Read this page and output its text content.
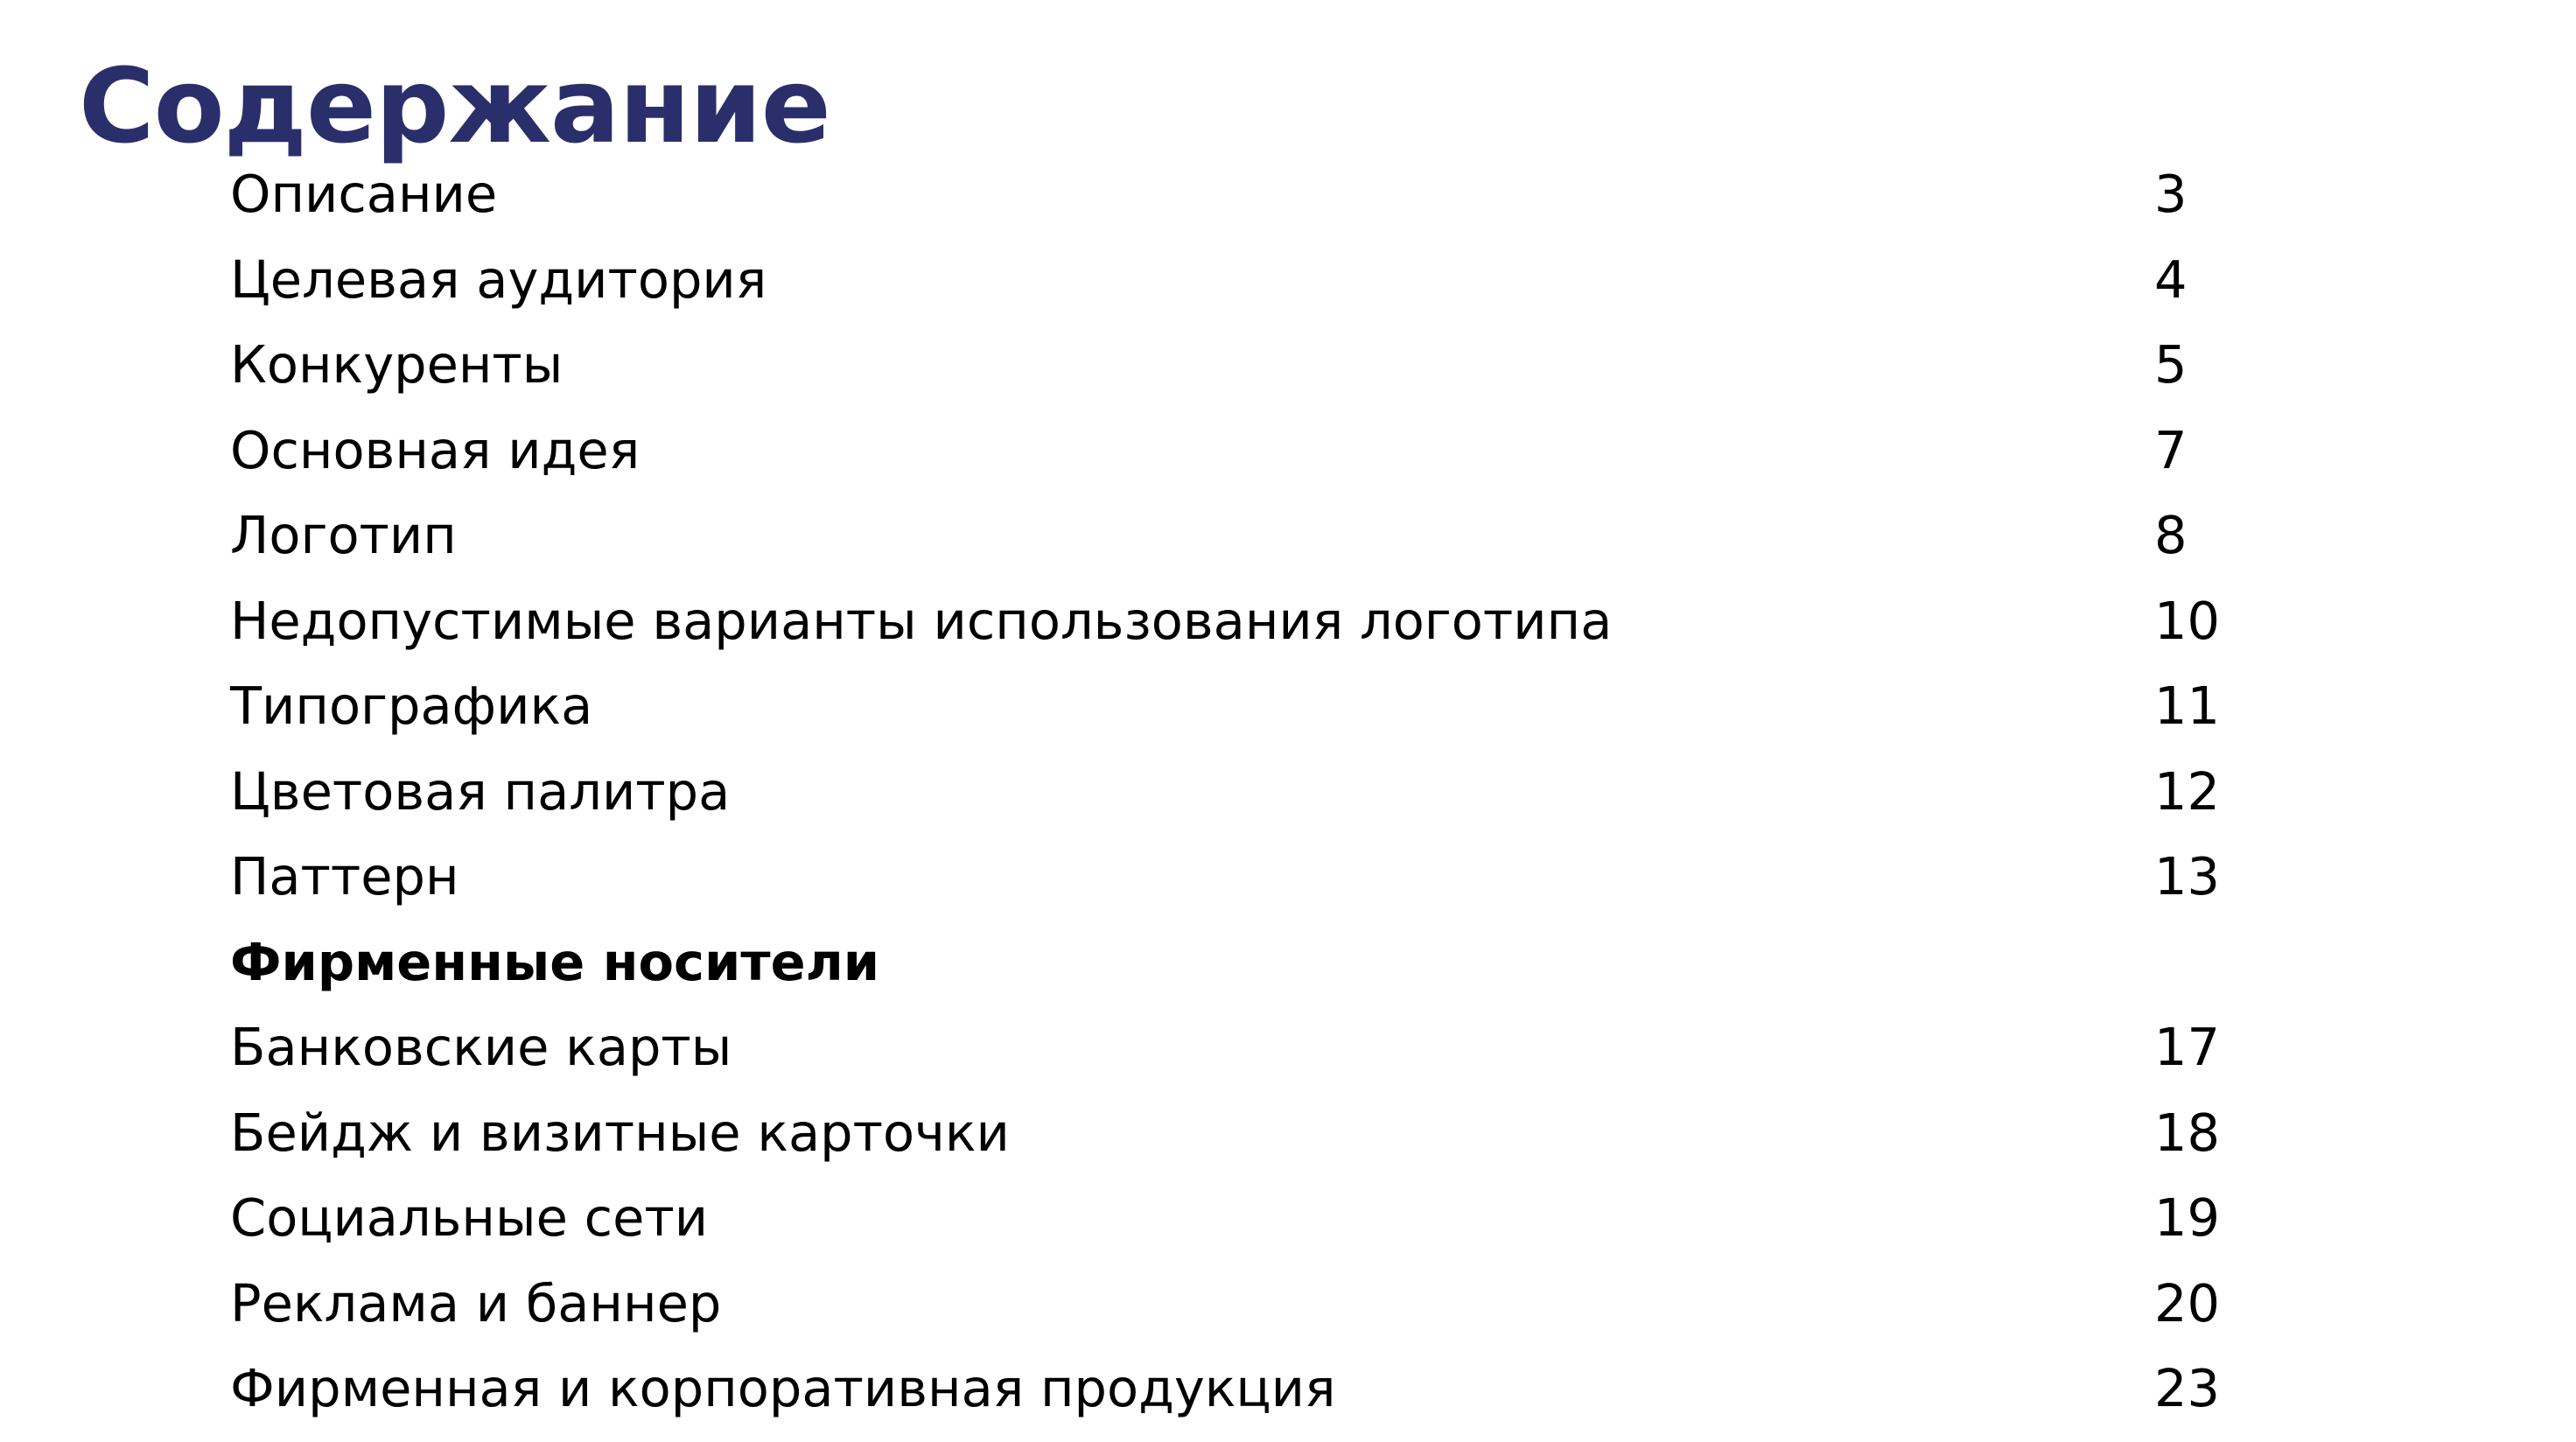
Содержание
Описание	3
Целевая аудитория	4
Конкуренты	5
Основная идея	7
Логотип	8
Недопустимые варианты использования логотипа	10
Типографика	11
Цветовая палитра	12
Паттерн	13
Фирменные носители
Банковские карты	17
Бейдж и визитные карточки	18
Социальные сети	19
Реклама и баннер	20
Фирменная и корпоративная продукция	23
